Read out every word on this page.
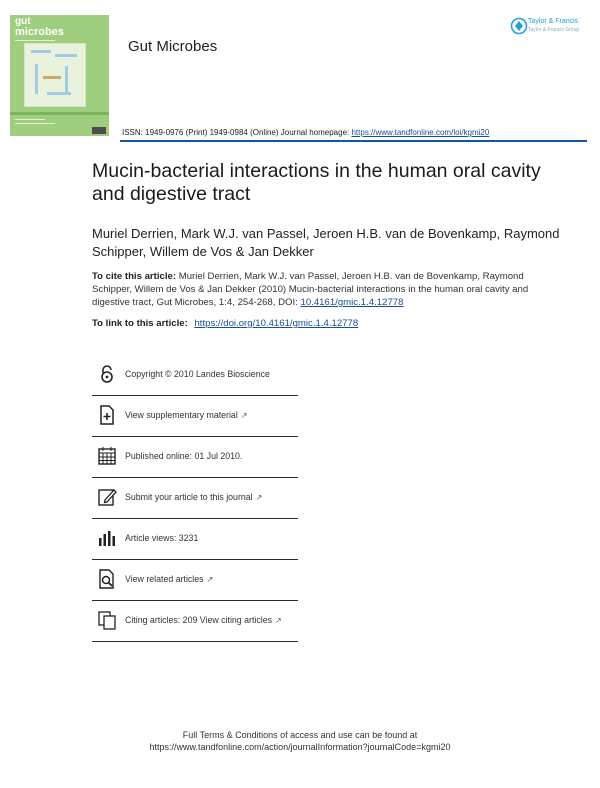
gut
microbes
Gut Microbes
Taylor & Francis
Taylor & Francis Group
ISSN: 1949-0976 (Print) 1949-0984 (Online) Journal homepage: https://www.tandfonline.com/loi/kgmi20
Mucin-bacterial interactions in the human oral cavity and digestive tract
Muriel Derrien, Mark W.J. van Passel, Jeroen H.B. van de Bovenkamp, Raymond Schipper, Willem de Vos & Jan Dekker
To cite this article: Muriel Derrien, Mark W.J. van Passel, Jeroen H.B. van de Bovenkamp, Raymond Schipper, Willem de Vos & Jan Dekker (2010) Mucin-bacterial interactions in the human oral cavity and digestive tract, Gut Microbes, 1:4, 254-268, DOI: 10.4161/gmic.1.4.12778
To link to this article: https://doi.org/10.4161/gmic.1.4.12778
Copyright © 2010 Landes Bioscience
View supplementary material ↗
Published online: 01 Jul 2010.
Submit your article to this journal ↗
Article views: 3231
View related articles ↗
Citing articles: 209 View citing articles ↗
Full Terms & Conditions of access and use can be found at
https://www.tandfonline.com/action/journalInformation?journalCode=kgmi20
